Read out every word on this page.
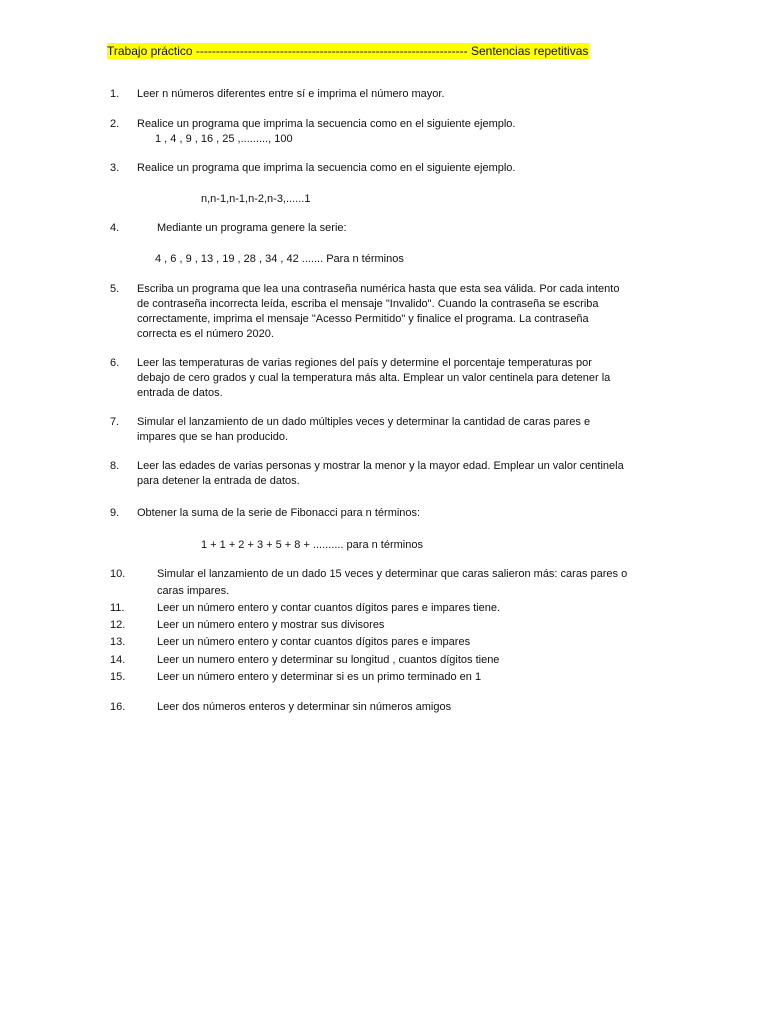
Trabajo práctico -------------------------------------------------------------------- Sentencias repetitivas
1. Leer n números diferentes entre sí e imprima el número mayor.
2. Realice un programa que imprima la secuencia como en el siguiente ejemplo.
1 , 4 , 9 , 16 , 25 ,........., 100
3. Realice un programa que imprima la secuencia como en el siguiente ejemplo.
n,n-1,n-1,n-2,n-3,......1
4.	Mediante un programa genere la serie:
4 , 6 , 9 , 13 , 19 , 28 , 34 , 42 ....... Para n términos
5. Escriba un programa que lea una contraseña numérica hasta que esta sea válida. Por cada intento
de contraseña incorrecta leída, escriba el mensaje "Invalido". Cuando la contraseña se escriba
correctamente, imprima el mensaje "Acesso Permitido" y finalice el programa. La contraseña
correcta es el número 2020.
6. Leer las temperaturas de varias regiones del país y determine el porcentaje temperaturas por
debajo de cero grados y cual la temperatura más alta. Emplear un valor centinela para detener la
entrada de datos.
7. Simular el lanzamiento de un dado múltiples veces y determinar la cantidad de caras pares e
impares que se han producido.
8. Leer las edades de varias personas y mostrar la menor y la mayor edad. Emplear un valor centinela
para detener la entrada de datos.
9. Obtener la suma de la serie de Fibonacci para n términos:
1 + 1 + 2 + 3 + 5 + 8 + .......... para n términos
10.	Simular el lanzamiento de un dado 15 veces y determinar que caras salieron más: caras pares o
caras impares.
11.	Leer un número entero y contar cuantos dígitos pares e impares tiene.
12.	Leer un número entero y mostrar sus divisores
13.	Leer un número entero y contar cuantos dígitos pares e impares
14.	Leer un numero entero y determinar su longitud , cuantos dígitos tiene
15.	Leer un número entero y determinar si es un primo terminado en 1
16.	Leer dos números enteros y determinar sin números amigos
